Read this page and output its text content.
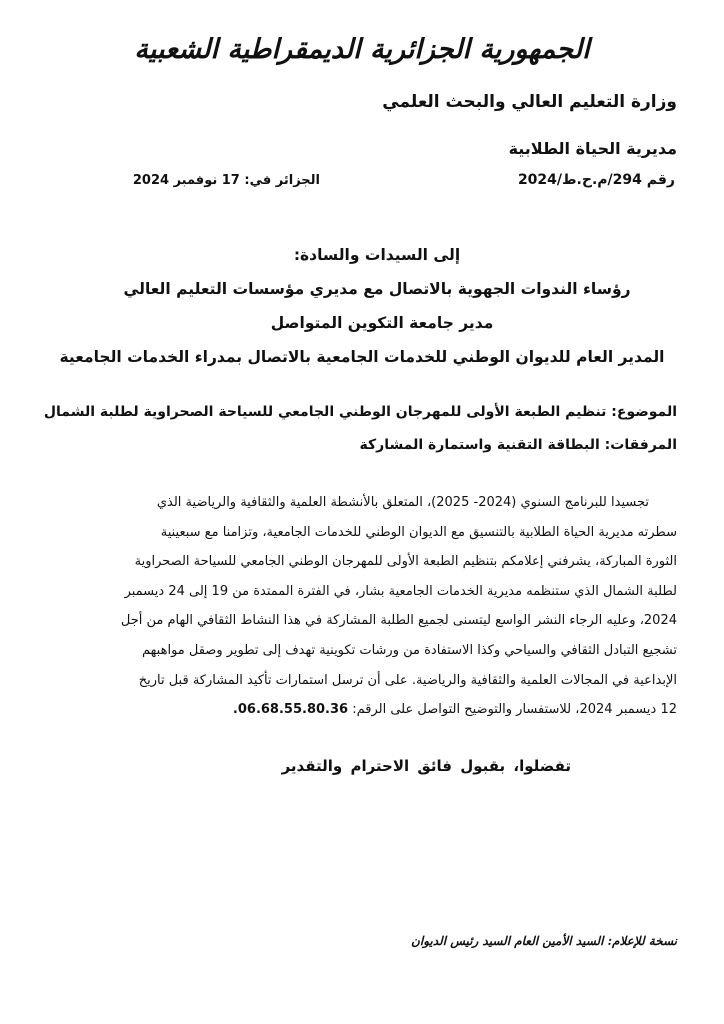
الجمهورية الجزائرية الديمقراطية الشعبية
وزارة التعليم العالي والبحث العلمي
مديرية الحياة الطلابية
رقم 294/م.ح.ط/2024
الجزائر في: 17 نوفمبر 2024
إلى السيدات والسادة:
رؤساء الندوات الجهوية بالاتصال مع مديري مؤسسات التعليم العالي
مدير جامعة التكوين المتواصل
المدير العام للديوان الوطني للخدمات الجامعية بالاتصال بمدراء الخدمات الجامعية
الموضوع: تنظيم الطبعة الأولى للمهرجان الوطني الجامعي للسياحة الصحراوية لطلبة الشمال
المرفقات: البطاقة التقنية واستمارة المشاركة
تجسيدا للبرنامج السنوي (2024- 2025)، المتعلق بالأنشطة العلمية والثقافية والرياضية الذي
سطرته مديرية الحياة الطلابية بالتنسيق مع الديوان الوطني للخدمات الجامعية، وتزامنا مع سبعينية
الثورة المباركة، يشرفني إعلامكم بتنظيم الطبعة الأولى للمهرجان الوطني الجامعي للسياحة الصحراوية
لطلبة الشمال الذي ستنظمه مديرية الخدمات الجامعية بشار، في الفترة الممتدة من 19 إلى 24 ديسمبر
2024، وعليه الرجاء النشر الواسع ليتسنى لجميع الطلبة المشاركة في هذا النشاط الثقافي الهام من أجل
تشجيع التبادل الثقافي والسياحي وكذا الاستفادة من ورشات تكوينية تهدف إلى تطوير وصقل مواهبهم
الإبداعية في المجالات العلمية والثقافية والرياضية. على أن ترسل استمارات تأكيد المشاركة قبل تاريخ
12 ديسمبر 2024، للاستفسار والتوضيح التواصل على الرقم: 06.68.55.80.36.
تفضلوا، بقبول فائق الاحترام والتقدير
نسخة للإعلام: السيد الأمين العام السيد رئيس الديوان
